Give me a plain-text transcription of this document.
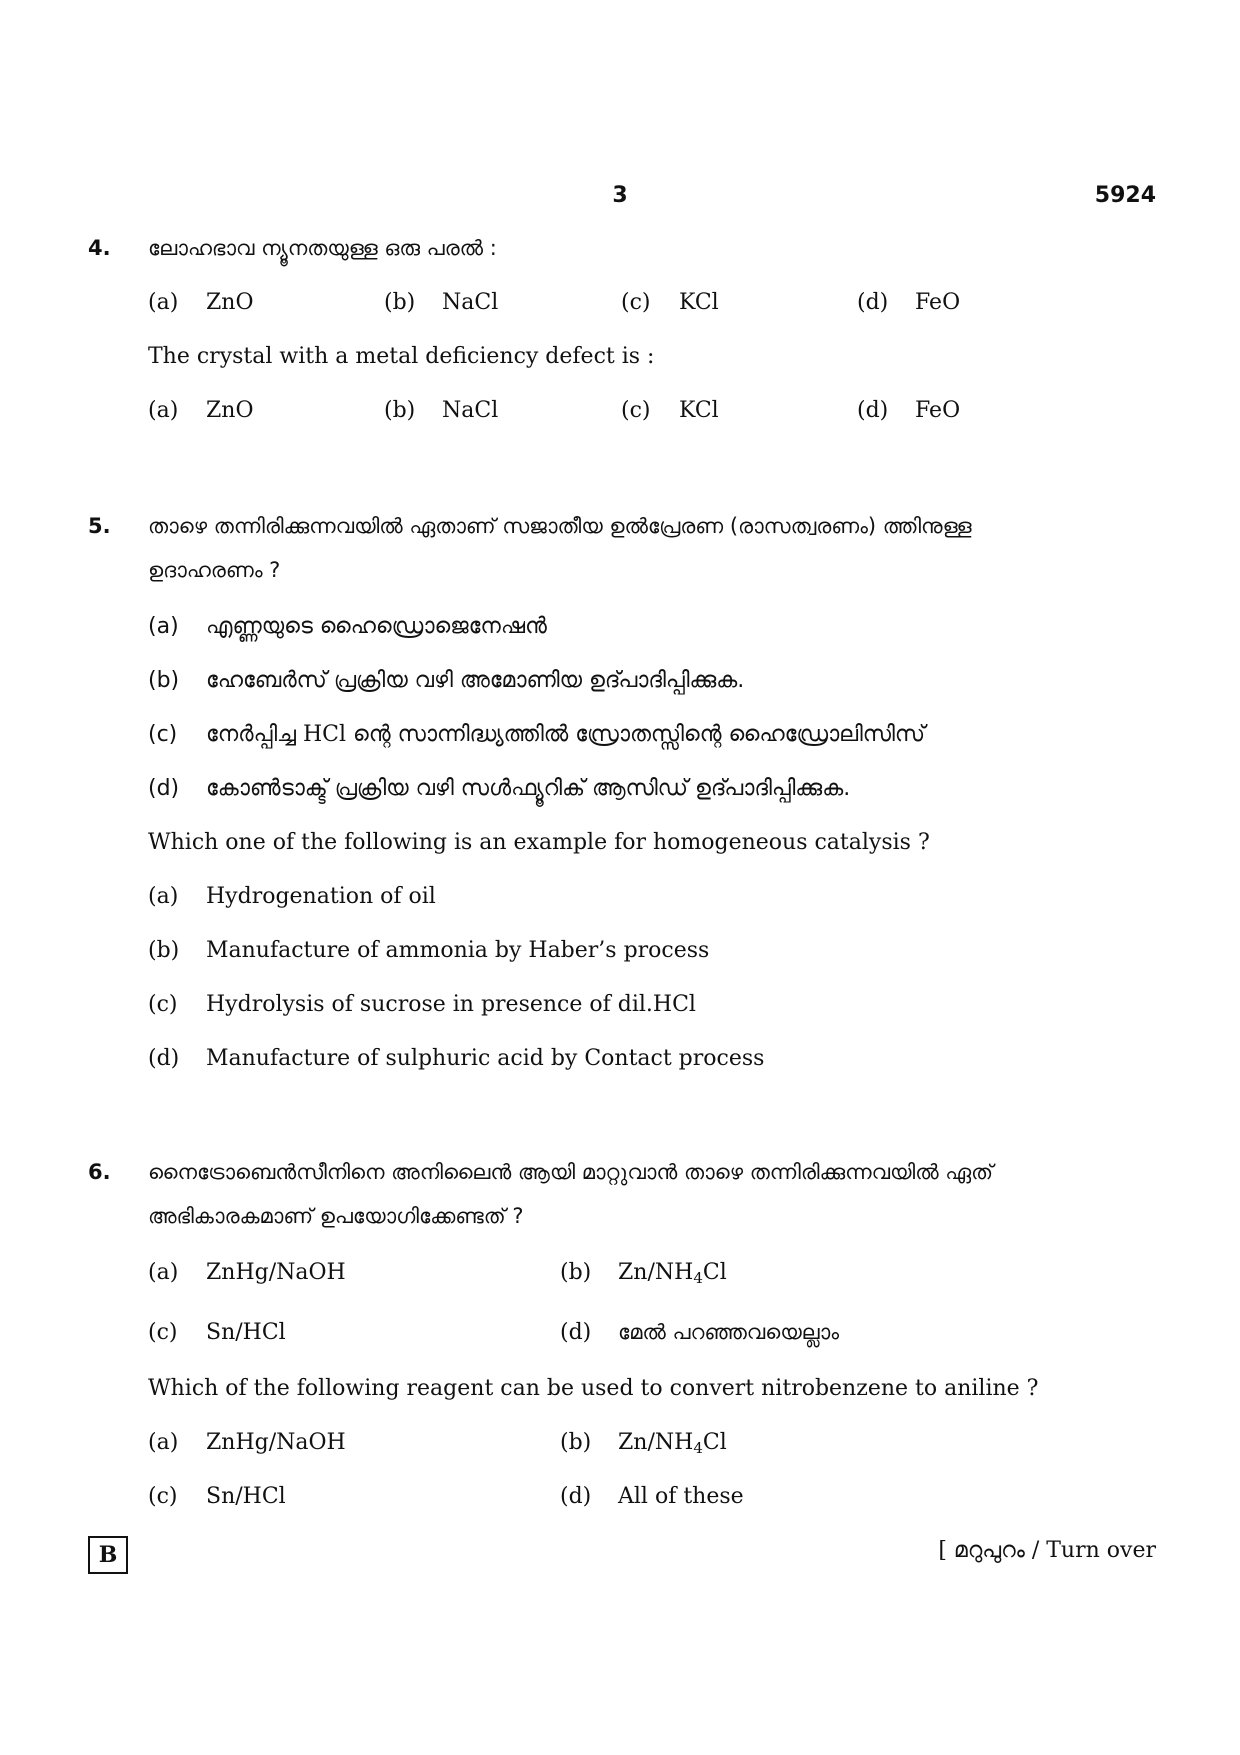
3	5924
4. ലോഹഭാവ ന്യൂനതയുള്ള ഒരു പരൽ :
(a) ZnO	(b) NaCl	(c) KCl	(d) FeO
The crystal with a metal deficiency defect is :
(a) ZnO	(b) NaCl	(c) KCl	(d) FeO
5. താഴെ തന്നിരിക്കുന്നവയിൽ ഏതാണ് സജാതീയ ഉൽപ്രേരണ (രാസത്വരണം) ത്തിനുള്ള
ഉദാഹരണം ?
(a) എണ്ണയുടെ ഹൈഡ്രൊജെനേഷൻ
(b) ഹേബേർസ് പ്രക്രിയ വഴി അമോണിയ ഉദ്പാദിപ്പിക്കുക.
(c) നേർപ്പിച്ച HCl ന്റെ സാന്നിദ്ധ്യത്തിൽ സ്രോതസ്സിന്റെ ഹൈഡ്രോലിസിസ്
(d) കോൺടാക്ട് പ്രക്രിയ വഴി സൾഫ്യൂറിക് ആസിഡ് ഉദ്പാദിപ്പിക്കുക.
Which one of the following is an example for homogeneous catalysis ?
(a) Hydrogenation of oil
(b) Manufacture of ammonia by Haber’s process
(c) Hydrolysis of sucrose in presence of dil.HCl
(d) Manufacture of sulphuric acid by Contact process
6. നൈട്രോബെൻസീനിനെ അനിലൈൻ ആയി മാറ്റുവാൻ താഴെ തന്നിരിക്കുന്നവയിൽ ഏത്
അഭികാരകമാണ് ഉപയോഗിക്കേണ്ടത് ?
(a) ZnHg/NaOH	(b) $Zn/NH_4Cl$
(c) Sn/HCl	(d) മേൽ പറഞ്ഞവയെല്ലാം
Which of the following reagent can be used to convert nitrobenzene to aniline ?
(a) ZnHg/NaOH	(b) $Zn/NH_4Cl$
(c) Sn/HCl	(d) All of these
B	[ മറുപുറം / Turn over
